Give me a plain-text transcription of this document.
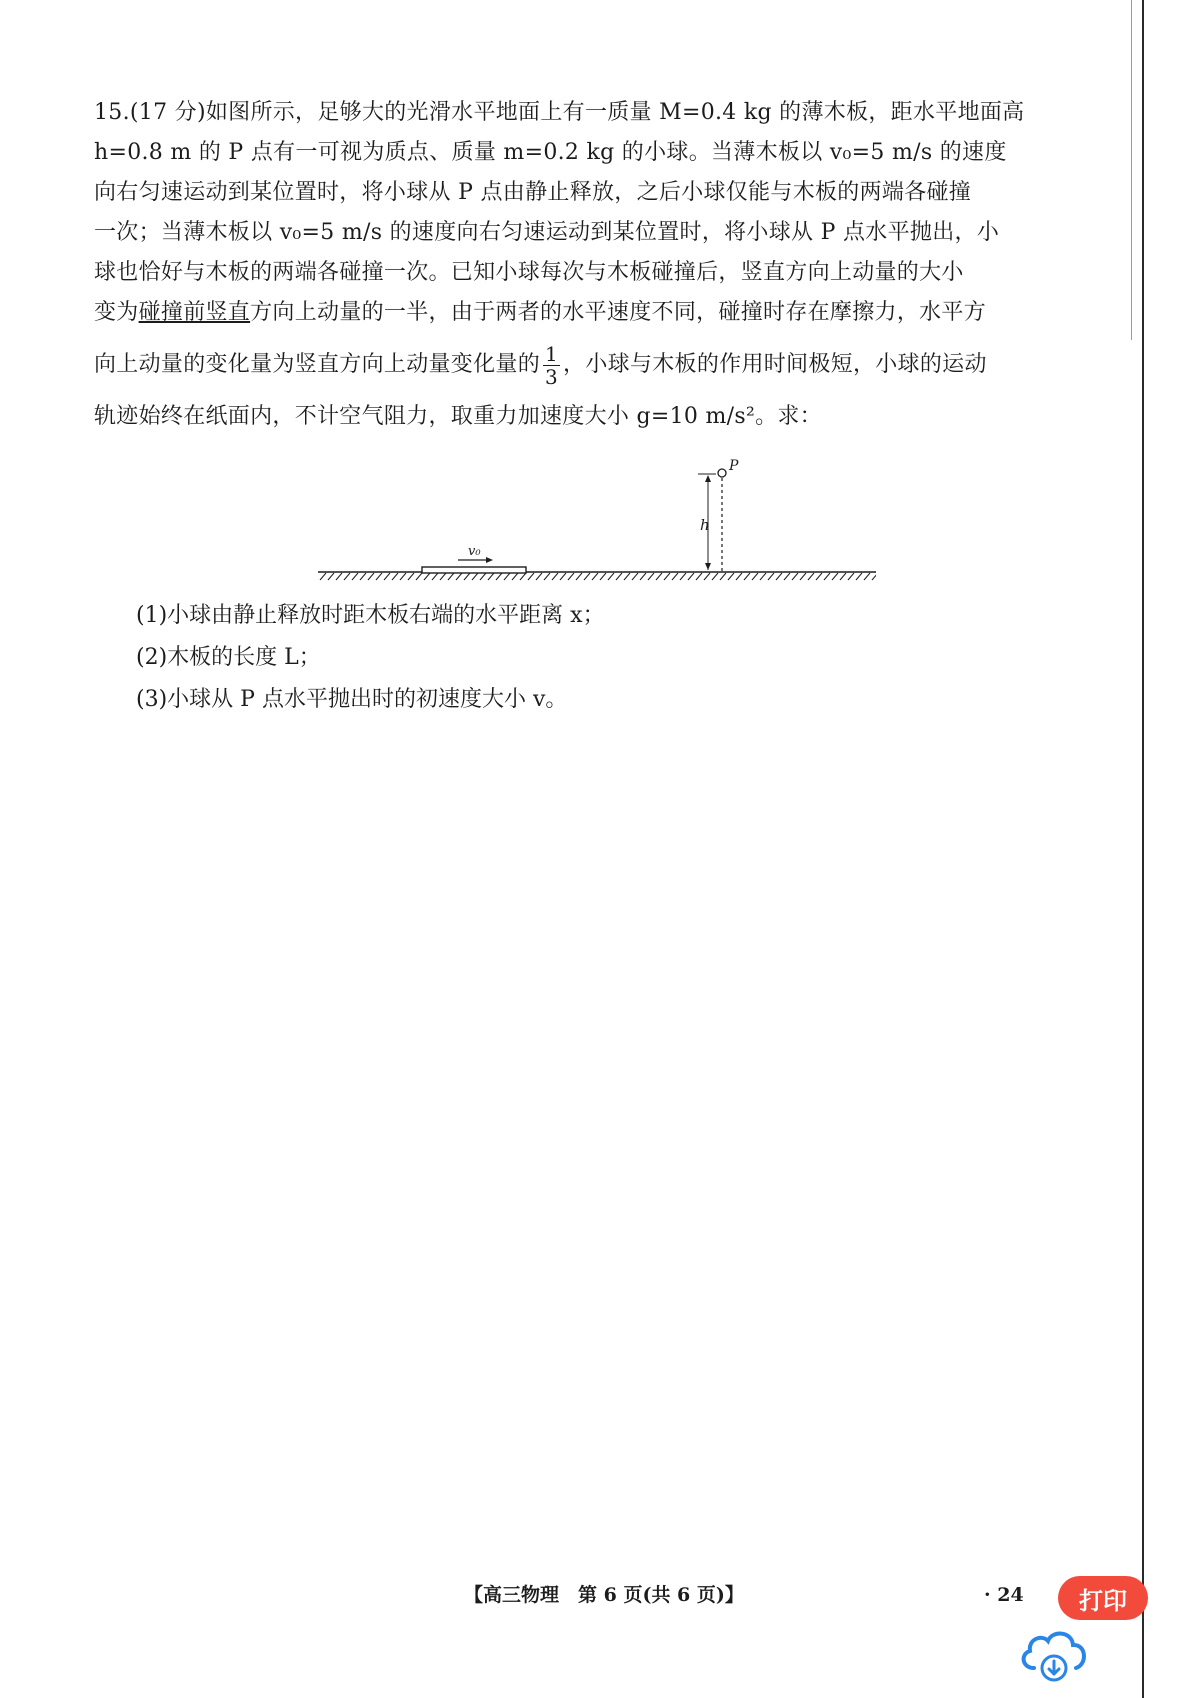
15.(17 分)如图所示，足够大的光滑水平地面上有一质量 M=0.4 kg 的薄木板，距水平地面高
h=0.8 m 的 P 点有一可视为质点、质量 m=0.2 kg 的小球。当薄木板以 v₀=5 m/s 的速度
向右匀速运动到某位置时，将小球从 P 点由静止释放，之后小球仅能与木板的两端各碰撞
一次；当薄木板以 v₀=5 m/s 的速度向右匀速运动到某位置时，将小球从 P 点水平抛出，小
球也恰好与木板的两端各碰撞一次。已知小球每次与木板碰撞后，竖直方向上动量的大小
变为碰撞前竖直方向上动量的一半，由于两者的水平速度不同，碰撞时存在摩擦力，水平方
向上动量的变化量为竖直方向上动量变化量的 $\frac{1}{3}$ ，小球与木板的作用时间极短，小球的运动
轨迹始终在纸面内，不计空气阻力，取重力加速度大小 g=10 m/s²。求：
v₀
h
P
(1)小球由静止释放时距木板右端的水平距离 x；
(2)木板的长度 L；
(3)小球从 P 点水平抛出时的初速度大小 v。
【高三物理　第 6 页(共 6 页)】	· 24 打印
